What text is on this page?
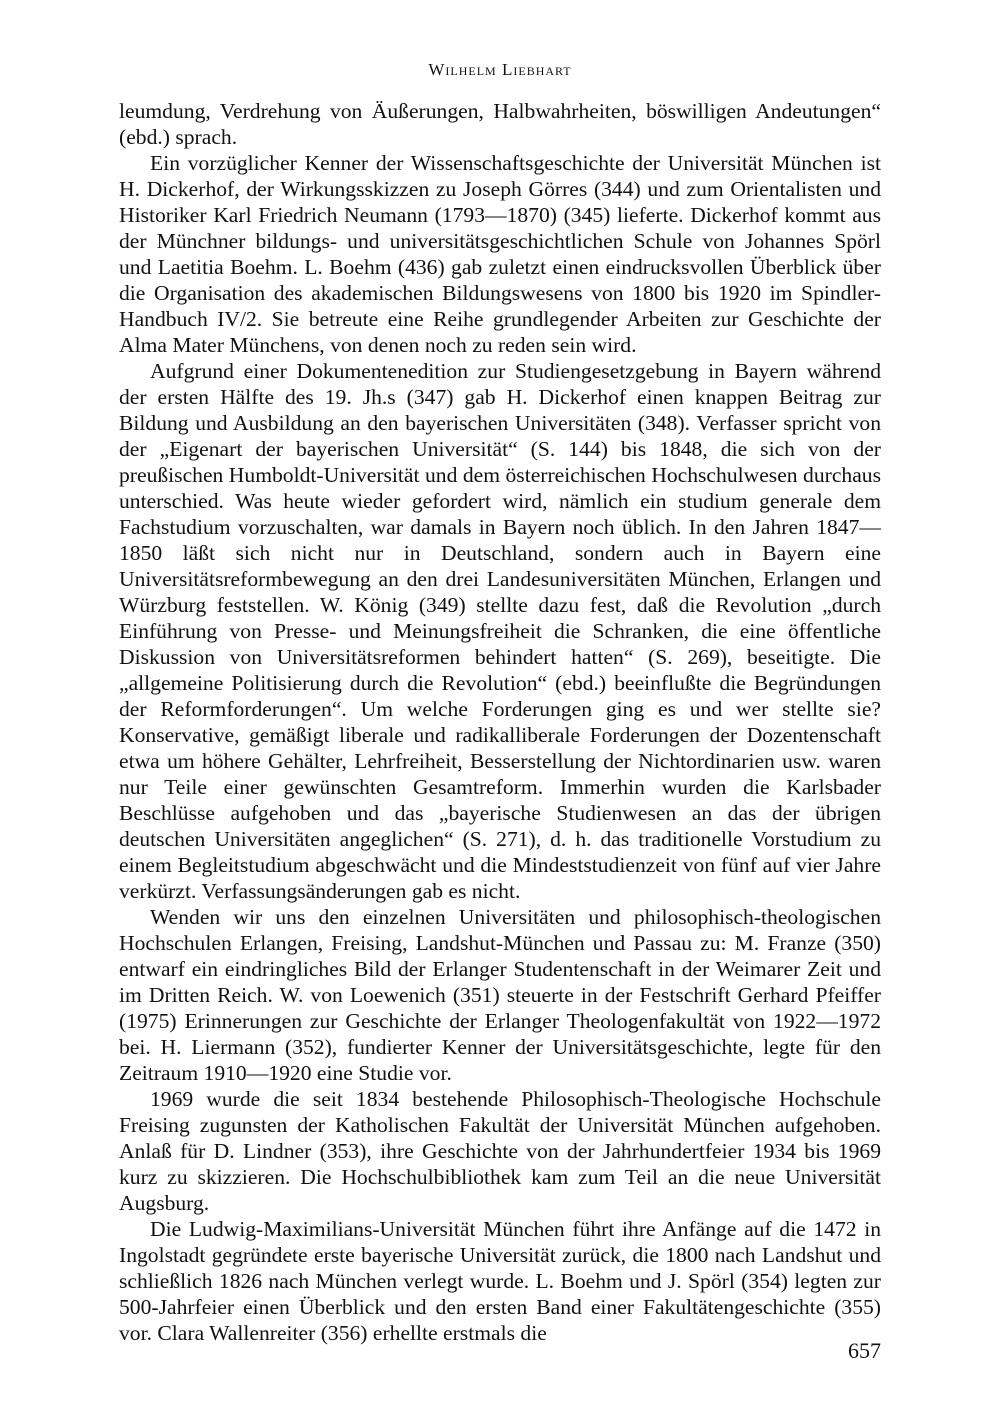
Wilhelm Liebhart

leumdung, Verdrehung von Äußerungen, Halbwahrheiten, böswilligen Andeutungen“ (ebd.) sprach.

Ein vorzüglicher Kenner der Wissenschaftsgeschichte der Universität München ist H. Dickerhof, der Wirkungsskizzen zu Joseph Görres (344) und zum Orientalisten und Historiker Karl Friedrich Neumann (1793—1870) (345) lieferte. Dickerhof kommt aus der Münchner bildungs- und universitätsgeschichtlichen Schule von Johannes Spörl und Laetitia Boehm. L. Boehm (436) gab zuletzt einen eindrucksvollen Überblick über die Organisation des akademischen Bildungswesens von 1800 bis 1920 im Spindler-Handbuch IV/2. Sie betreute eine Reihe grundlegender Arbeiten zur Geschichte der Alma Mater Münchens, von denen noch zu reden sein wird.

Aufgrund einer Dokumentenedition zur Studiengesetzgebung in Bayern während der ersten Hälfte des 19. Jh.s (347) gab H. Dickerhof einen knappen Beitrag zur Bildung und Ausbildung an den bayerischen Universitäten (348). Verfasser spricht von der „Eigenart der bayerischen Universität“ (S. 144) bis 1848, die sich von der preußischen Humboldt-Universität und dem österreichischen Hochschulwesen durchaus unterschied. Was heute wieder gefordert wird, nämlich ein studium generale dem Fachstudium vorzuschalten, war damals in Bayern noch üblich. In den Jahren 1847—1850 läßt sich nicht nur in Deutschland, sondern auch in Bayern eine Universitätsreformbewegung an den drei Landesuniversitäten München, Erlangen und Würzburg feststellen. W. König (349) stellte dazu fest, daß die Revolution „durch Einführung von Presse- und Meinungsfreiheit die Schranken, die eine öffentliche Diskussion von Universitätsreformen behindert hatten“ (S. 269), beseitigte. Die „allgemeine Politisierung durch die Revolution“ (ebd.) beeinflußte die Begründungen der Reformforderungen“. Um welche Forderungen ging es und wer stellte sie? Konservative, gemäßigt liberale und radikalliberale Forderungen der Dozentenschaft etwa um höhere Gehälter, Lehrfreiheit, Besserstellung der Nichtordinarien usw. waren nur Teile einer gewünschten Gesamtreform. Immerhin wurden die Karlsbader Beschlüsse aufgehoben und das „bayerische Studienwesen an das der übrigen deutschen Universitäten angeglichen“ (S. 271), d. h. das traditionelle Vorstudium zu einem Begleitstudium abgeschwächt und die Mindeststudienzeit von fünf auf vier Jahre verkürzt. Verfassungsänderungen gab es nicht.

Wenden wir uns den einzelnen Universitäten und philosophisch-theologischen Hochschulen Erlangen, Freising, Landshut-München und Passau zu: M. Franze (350) entwarf ein eindringliches Bild der Erlanger Studentenschaft in der Weimarer Zeit und im Dritten Reich. W. von Loewenich (351) steuerte in der Festschrift Gerhard Pfeiffer (1975) Erinnerungen zur Geschichte der Erlanger Theologenfakultät von 1922—1972 bei. H. Liermann (352), fundierter Kenner der Universitätsgeschichte, legte für den Zeitraum 1910—1920 eine Studie vor.

1969 wurde die seit 1834 bestehende Philosophisch-Theologische Hochschule Freising zugunsten der Katholischen Fakultät der Universität München aufgehoben. Anlaß für D. Lindner (353), ihre Geschichte von der Jahrhundertfeier 1934 bis 1969 kurz zu skizzieren. Die Hochschulbibliothek kam zum Teil an die neue Universität Augsburg.

Die Ludwig-Maximilians-Universität München führt ihre Anfänge auf die 1472 in Ingolstadt gegründete erste bayerische Universität zurück, die 1800 nach Landshut und schließlich 1826 nach München verlegt wurde. L. Boehm und J. Spörl (354) legten zur 500-Jahrfeier einen Überblick und den ersten Band einer Fakultätengeschichte (355) vor. Clara Wallenreiter (356) erhellte erstmals die

657
